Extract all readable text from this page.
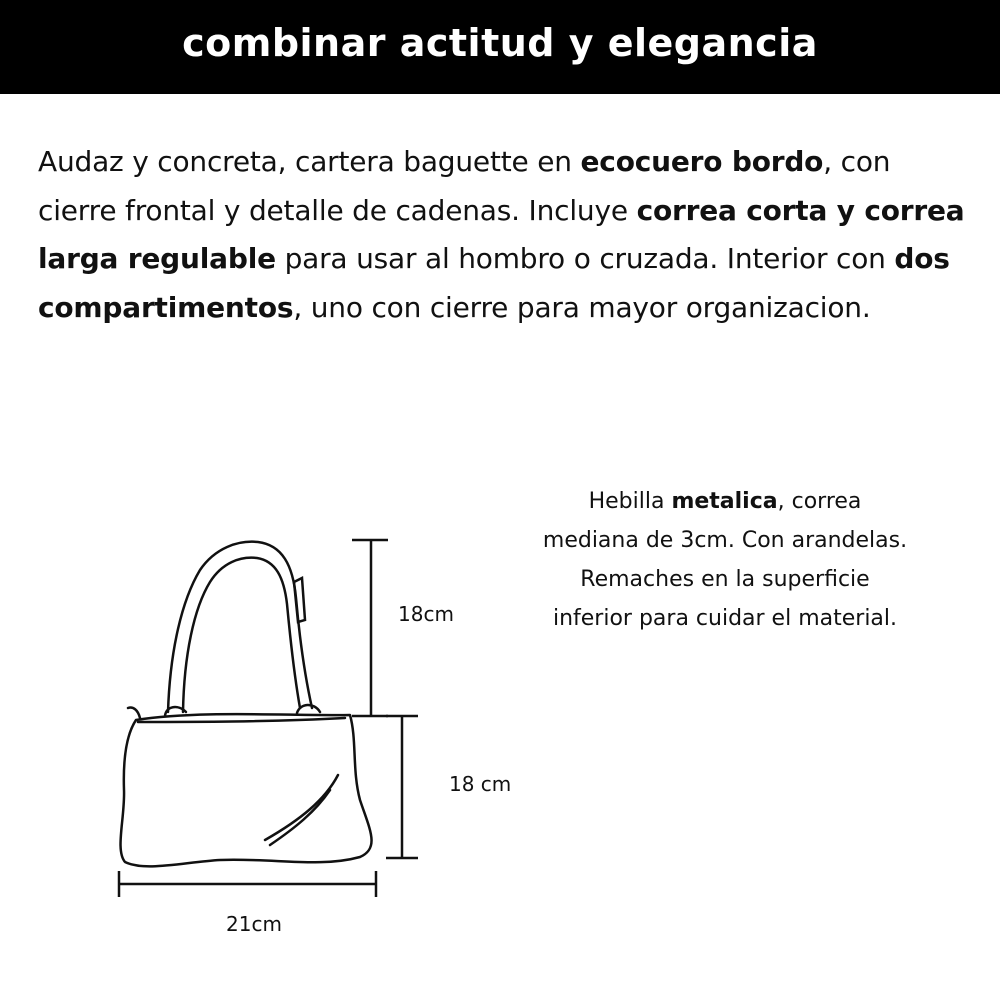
combinar actitud y elegancia

Audaz y concreta, cartera baguette en ecocuero bordo, con cierre frontal y detalle de cadenas. Incluye correa corta y correa larga regulable para usar al hombro o cruzada. Interior con dos compartimentos, uno con cierre para mayor organizacion.

18cm
18 cm
21cm

Hebilla metalica, correa mediana de 3cm. Con arandelas. Remaches en la superficie inferior para cuidar el material.
